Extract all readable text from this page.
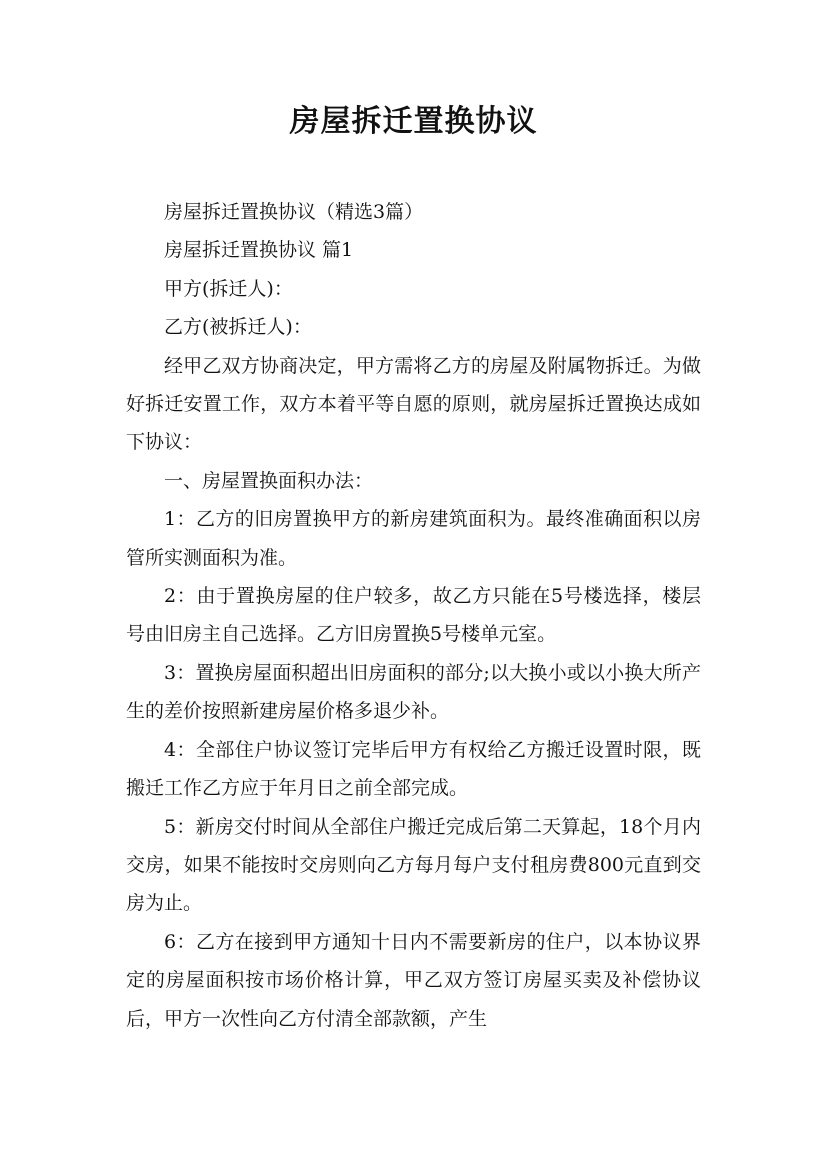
房屋拆迁置换协议

房屋拆迁置换协议（精选3篇）

房屋拆迁置换协议 篇1

甲方(拆迁人)：

乙方(被拆迁人)：

经甲乙双方协商决定，甲方需将乙方的房屋及附属物拆迁。为做好拆迁安置工作，双方本着平等自愿的原则，就房屋拆迁置换达成如下协议：

一、房屋置换面积办法：

1：乙方的旧房置换甲方的新房建筑面积为。最终准确面积以房管所实测面积为准。

2：由于置换房屋的住户较多，故乙方只能在5号楼选择，楼层号由旧房主自己选择。乙方旧房置换5号楼单元室。

3：置换房屋面积超出旧房面积的部分;以大换小或以小换大所产生的差价按照新建房屋价格多退少补。

4：全部住户协议签订完毕后甲方有权给乙方搬迁设置时限，既搬迁工作乙方应于年月日之前全部完成。

5：新房交付时间从全部住户搬迁完成后第二天算起，18个月内交房，如果不能按时交房则向乙方每月每户支付租房费800元直到交房为止。

6：乙方在接到甲方通知十日内不需要新房的住户，以本协议界定的房屋面积按市场价格计算，甲乙双方签订房屋买卖及补偿协议后，甲方一次性向乙方付清全部款额，产生
